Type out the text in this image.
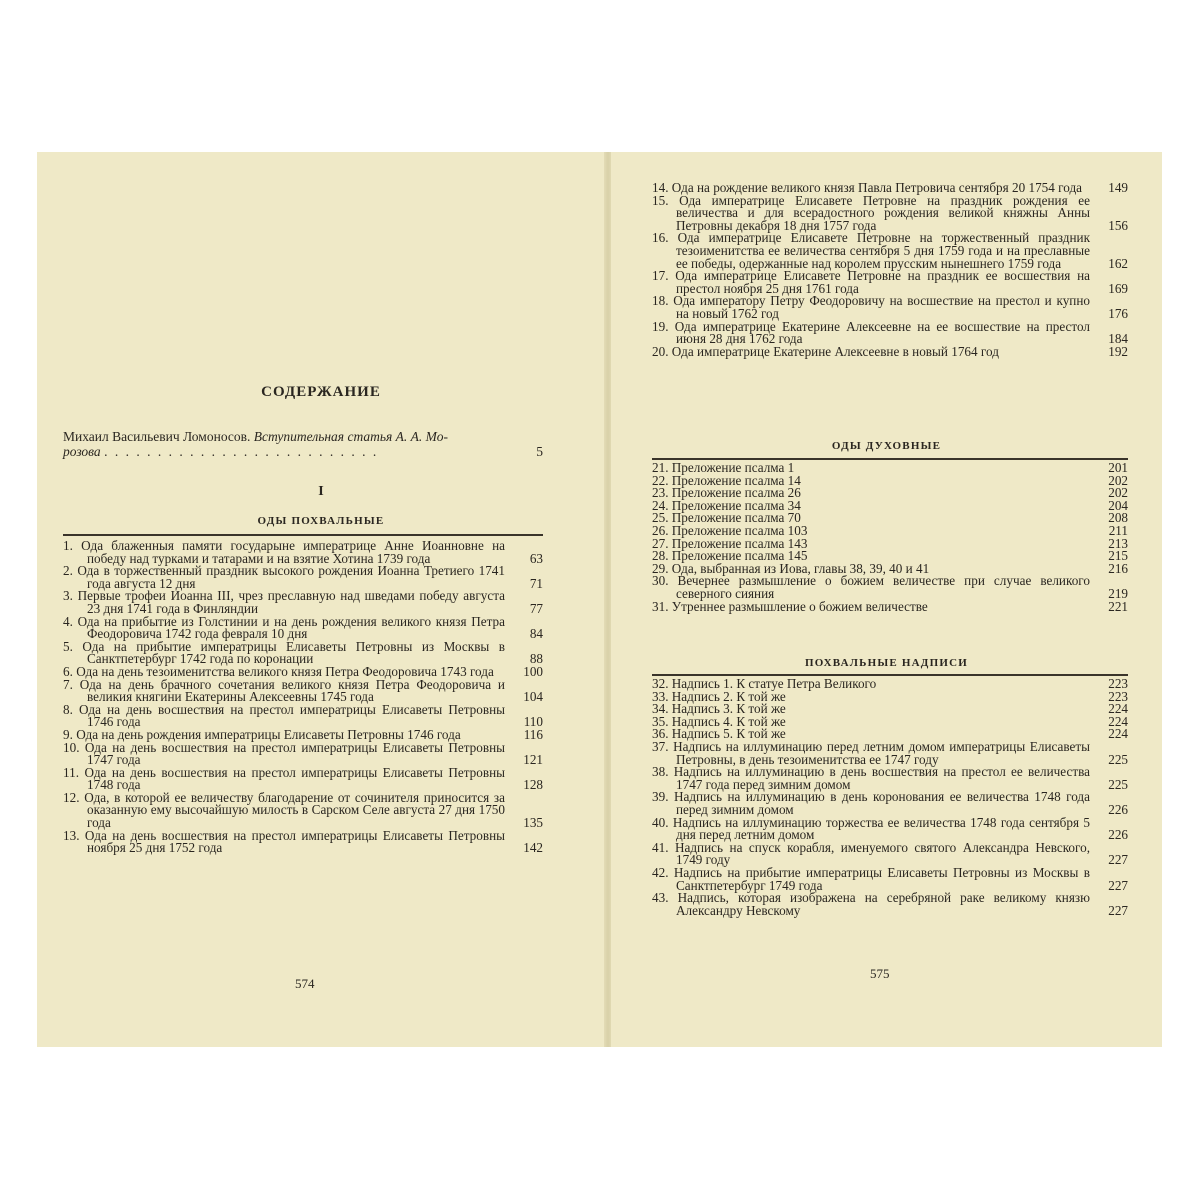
СОДЕРЖАНИЕ
Михаил Васильевич Ломоносов. Вступительная статья А. А. Мо-
розова . . . . . . . . . . . . . . . . . . . . . . . . . .	5
I
ОДЫ ПОХВАЛЬНЫЕ
1. Ода блаженныя памяти государыне императрице Анне Иоанновне на победу над турками и татарами и на взятие Хотина 1739 года	63
2. Ода в торжественный праздник высокого рождения Иоанна Третиего 1741 года августа 12 дня	71
3. Первые трофеи Иоанна III, чрез преславную над шведами победу августа 23 дня 1741 года в Финляндии	77
4. Ода на прибытие из Голстинии и на день рождения великого князя Петра Феодоровича 1742 года февраля 10 дня	84
5. Ода на прибытие императрицы Елисаветы Петровны из Москвы в Санктпетербург 1742 года по коронации	88
6. Ода на день тезоименитства великого князя Петра Феодоровича 1743 года	100
7. Ода на день брачного сочетания великого князя Петра Феодоровича и великия княгини Екатерины Алексеевны 1745 года	104
8. Ода на день восшествия на престол императрицы Елисаветы Петровны 1746 года	110
9. Ода на день рождения императрицы Елисаветы Петровны 1746 года	116
10. Ода на день восшествия на престол императрицы Елисаветы Петровны 1747 года	121
11. Ода на день восшествия на престол императрицы Елисаветы Петровны 1748 года	128
12. Ода, в которой ее величеству благодарение от сочинителя приносится за оказанную ему высочайшую милость в Сарском Селе августа 27 дня 1750 года	135
13. Ода на день восшествия на престол императрицы Елисаветы Петровны ноября 25 дня 1752 года	142
574
14. Ода на рождение великого князя Павла Петровича сентября 20 1754 года	149
15. Ода императрице Елисавете Петровне на праздник рождения ее величества и для всерадостного рождения великой княжны Анны Петровны декабря 18 дня 1757 года	156
16. Ода императрице Елисавете Петровне на торжественный праздник тезоименитства ее величества сентября 5 дня 1759 года и на преславные ее победы, одержанные над королем прусским нынешнего 1759 года	162
17. Ода императрице Елисавете Петровне на праздник ее восшествия на престол ноября 25 дня 1761 года	169
18. Ода императору Петру Феодоровичу на восшествие на престол и купно на новый 1762 год	176
19. Ода императрице Екатерине Алексеевне на ее восшествие на престол июня 28 дня 1762 года	184
20. Ода императрице Екатерине Алексеевне в новый 1764 год	192
ОДЫ ДУХОВНЫЕ
21. Преложение псалма 1	201
22. Преложение псалма 14	202
23. Преложение псалма 26	202
24. Преложение псалма 34	204
25. Преложение псалма 70	208
26. Преложение псалма 103	211
27. Преложение псалма 143	213
28. Преложение псалма 145	215
29. Ода, выбранная из Иова, главы 38, 39, 40 и 41	216
30. Вечернее размышление о божием величестве при случае великого северного сияния	219
31. Утреннее размышление о божием величестве	221
ПОХВАЛЬНЫЕ НАДПИСИ
32. Надпись 1. К статуе Петра Великого	223
33. Надпись 2. К той же	223
34. Надпись 3. К той же	224
35. Надпись 4. К той же	224
36. Надпись 5. К той же	224
37. Надпись на иллуминацию перед летним домом императрицы Елисаветы Петровны, в день тезоименитства ее 1747 году	225
38. Надпись на иллуминацию в день восшествия на престол ее величества 1747 года перед зимним домом	225
39. Надпись на иллуминацию в день коронования ее величества 1748 года перед зимним домом	226
40. Надпись на иллуминацию торжества ее величества 1748 года сентября 5 дня перед летним домом	226
41. Надпись на спуск корабля, именуемого святого Александра Невского, 1749 году	227
42. Надпись на прибытие императрицы Елисаветы Петровны из Москвы в Санктпетербург 1749 года	227
43. Надпись, которая изображена на серебряной раке великому князю Александру Невскому	227
575
